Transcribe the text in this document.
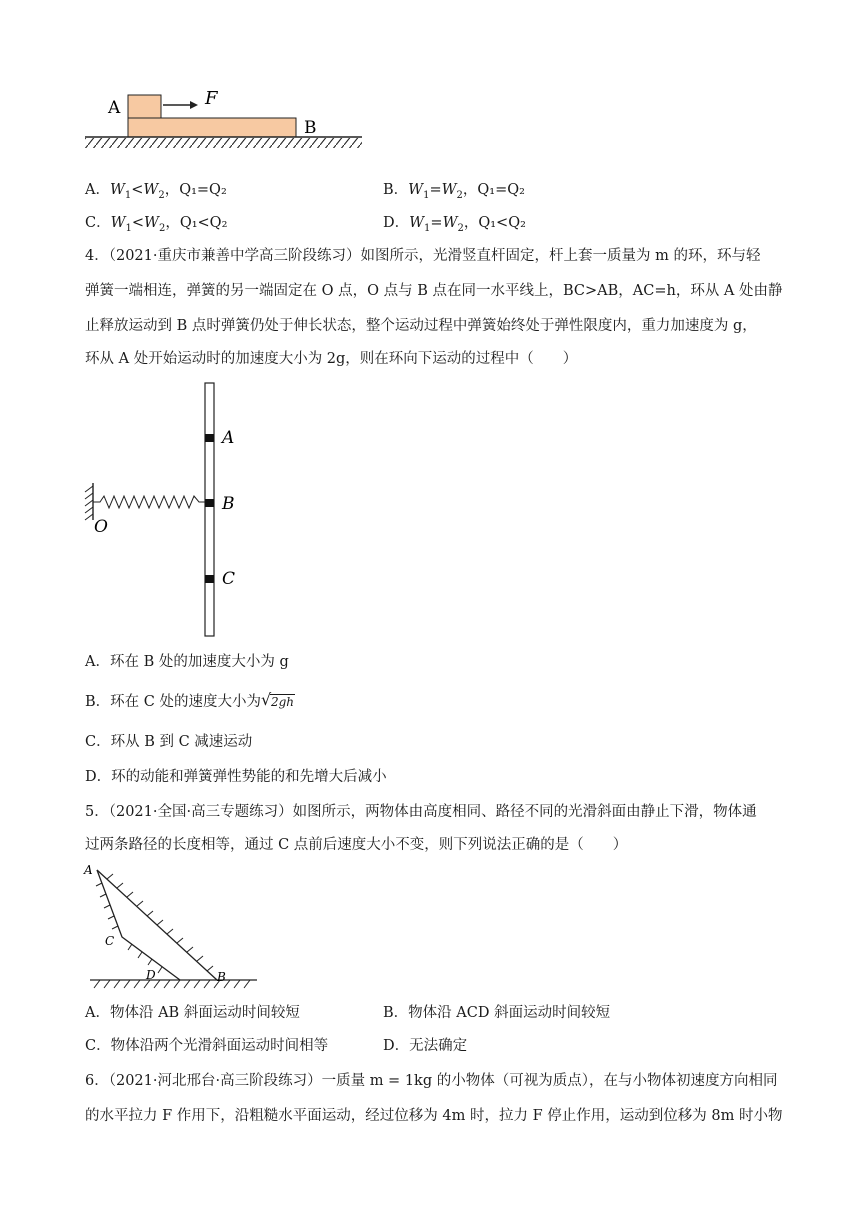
A	F
B
A．$W_1<W_2$，Q₁=Q₂	B．$W_1=W_2$，Q₁=Q₂
C．$W_1<W_2$，Q₁<Q₂	D．$W_1=W_2$，Q₁<Q₂
4．（2021·重庆市兼善中学高三阶段练习）如图所示，光滑竖直杆固定，杆上套一质量为 m 的环，环与轻
弹簧一端相连，弹簧的另一端固定在 O 点，O 点与 B 点在同一水平线上，BC>AB，AC=h，环从 A 处由静
止释放运动到 B 点时弹簧仍处于伸长状态，整个运动过程中弹簧始终处于弹性限度内，重力加速度为 g，
环从 A 处开始运动时的加速度大小为 2g，则在环向下运动的过程中（　　）
A
B
C
O
A．环在 B 处的加速度大小为 g
B．环在 C 处的速度大小为 √ 2gh
C．环从 B 到 C 减速运动
D．环的动能和弹簧弹性势能的和先增大后减小
5．（2021·全国·高三专题练习）如图所示，两物体由高度相同、路径不同的光滑斜面由静止下滑，物体通
过两条路径的长度相等，通过 C 点前后速度大小不变，则下列说法正确的是（　　）
A
C
D	B
A．物体沿 AB 斜面运动时间较短	B．物体沿 ACD 斜面运动时间较短
C．物体沿两个光滑斜面运动时间相等	D．无法确定
6．（2021·河北邢台·高三阶段练习）一质量 m = 1kg 的小物体（可视为质点），在与小物体初速度方向相同
的水平拉力 F 作用下，沿粗糙水平面运动，经过位移为 4m 时，拉力 F 停止作用，运动到位移为 8m 时小物
